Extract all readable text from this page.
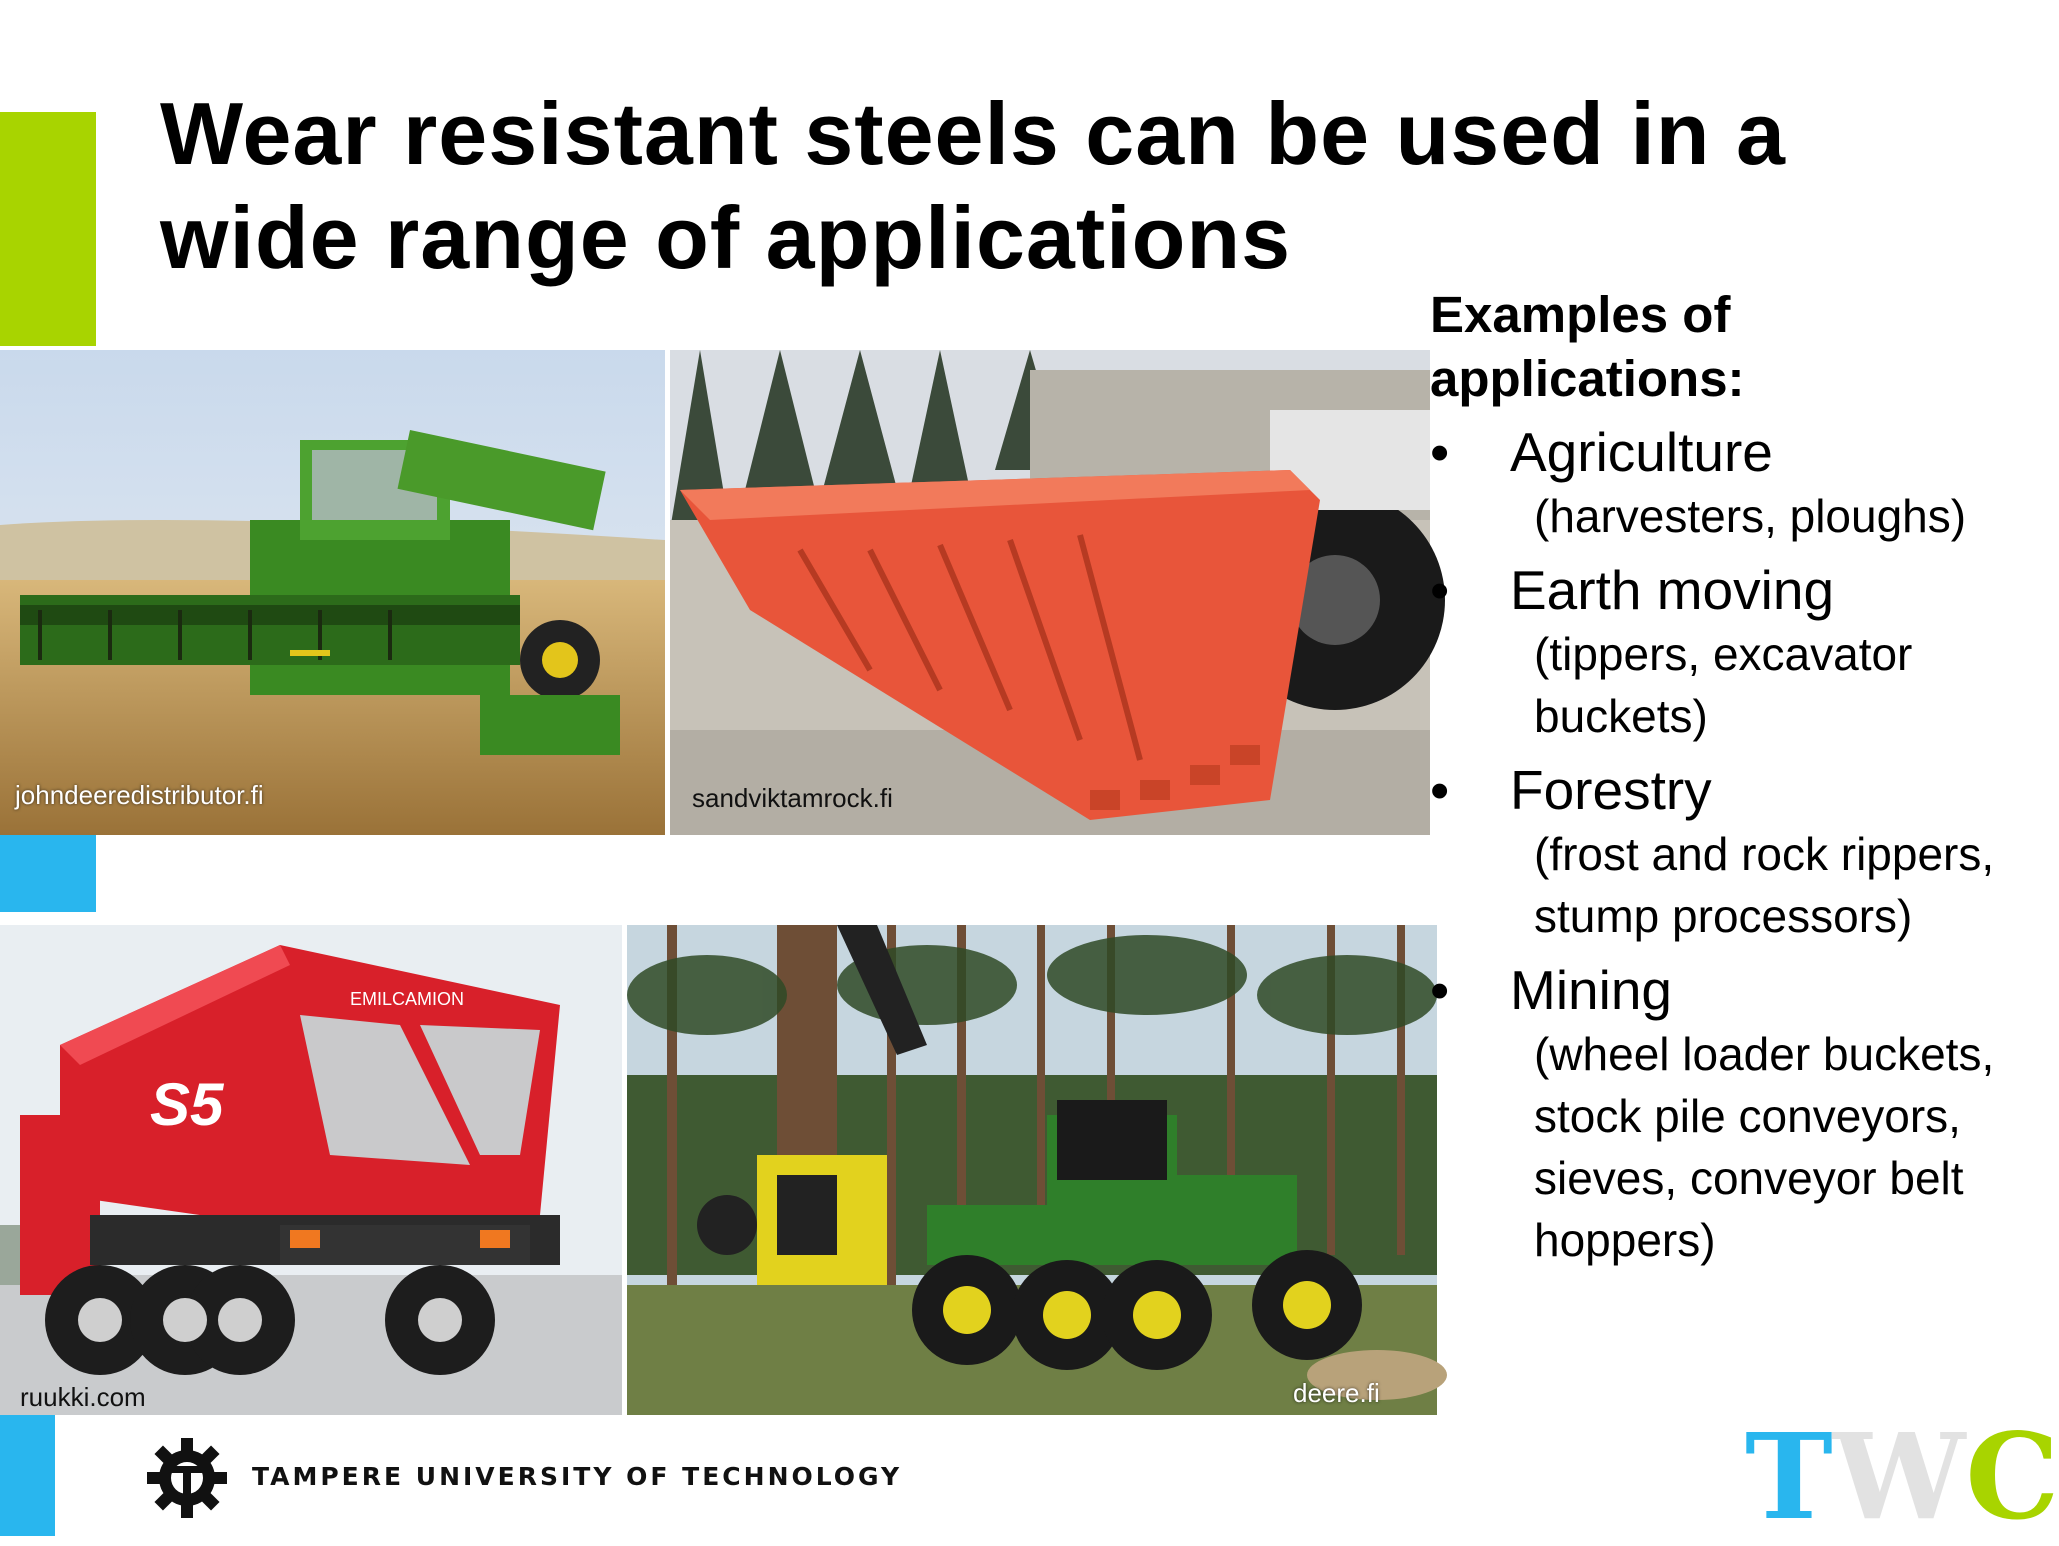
Wear resistant steels can be used in a wide range of applications
johndeeredistributor.fi	sandviktamrock.fi
EMILCAMION
S5
ruukki.com	deere.fi

Examples of applications:

• Agriculture
(harvesters, ploughs)
• Earth moving
(tippers, excavator buckets)
• Forestry
(frost and rock rippers, stump processors)
• Mining
(wheel loader buckets, stock pile conveyors, sieves, conveyor belt hoppers)
TAMPERE UNIVERSITY OF TECHNOLOGY	TWC
